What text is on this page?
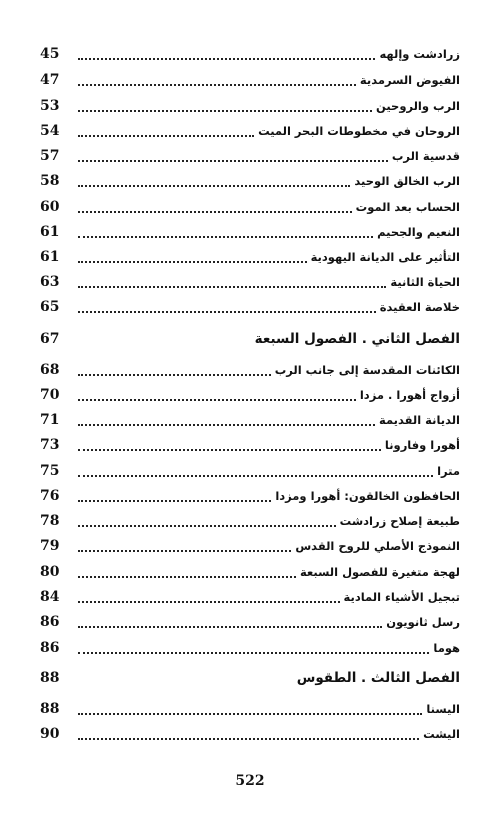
45	زرادشت وإلهه
47	الفيوض السرمدية
53	الرب والروحين
54	الروحان في مخطوطات البحر الميت
57	قدسية الرب
58	الرب الخالق الوحيد
60	الحساب بعد الموت
61	النعيم والجحيم
61	التأثير على الديانة اليهودية
63	الحياة الثانية
65	خلاصة العقيدة
67	الفصل الثاني . الفصول السبعة
68	الكائنات المقدسة إلى جانب الرب
70	أزواج أهورا . مزدا
71	الديانة القديمة
73	أهورا وفارونا
75	مترا
76	الحافظون الخالقون: أهورا ومزدا
78	طبيعة إصلاح زرادشت
79	النموذج الأصلي للروح القدس
80	لهجة متغيرة للفصول السبعة
84	تبجيل الأشياء المادية
86	رسل ثانويون
86	هوما
88	الفصل الثالث . الطقوس
88	اليسنا
90	اليشت
522
